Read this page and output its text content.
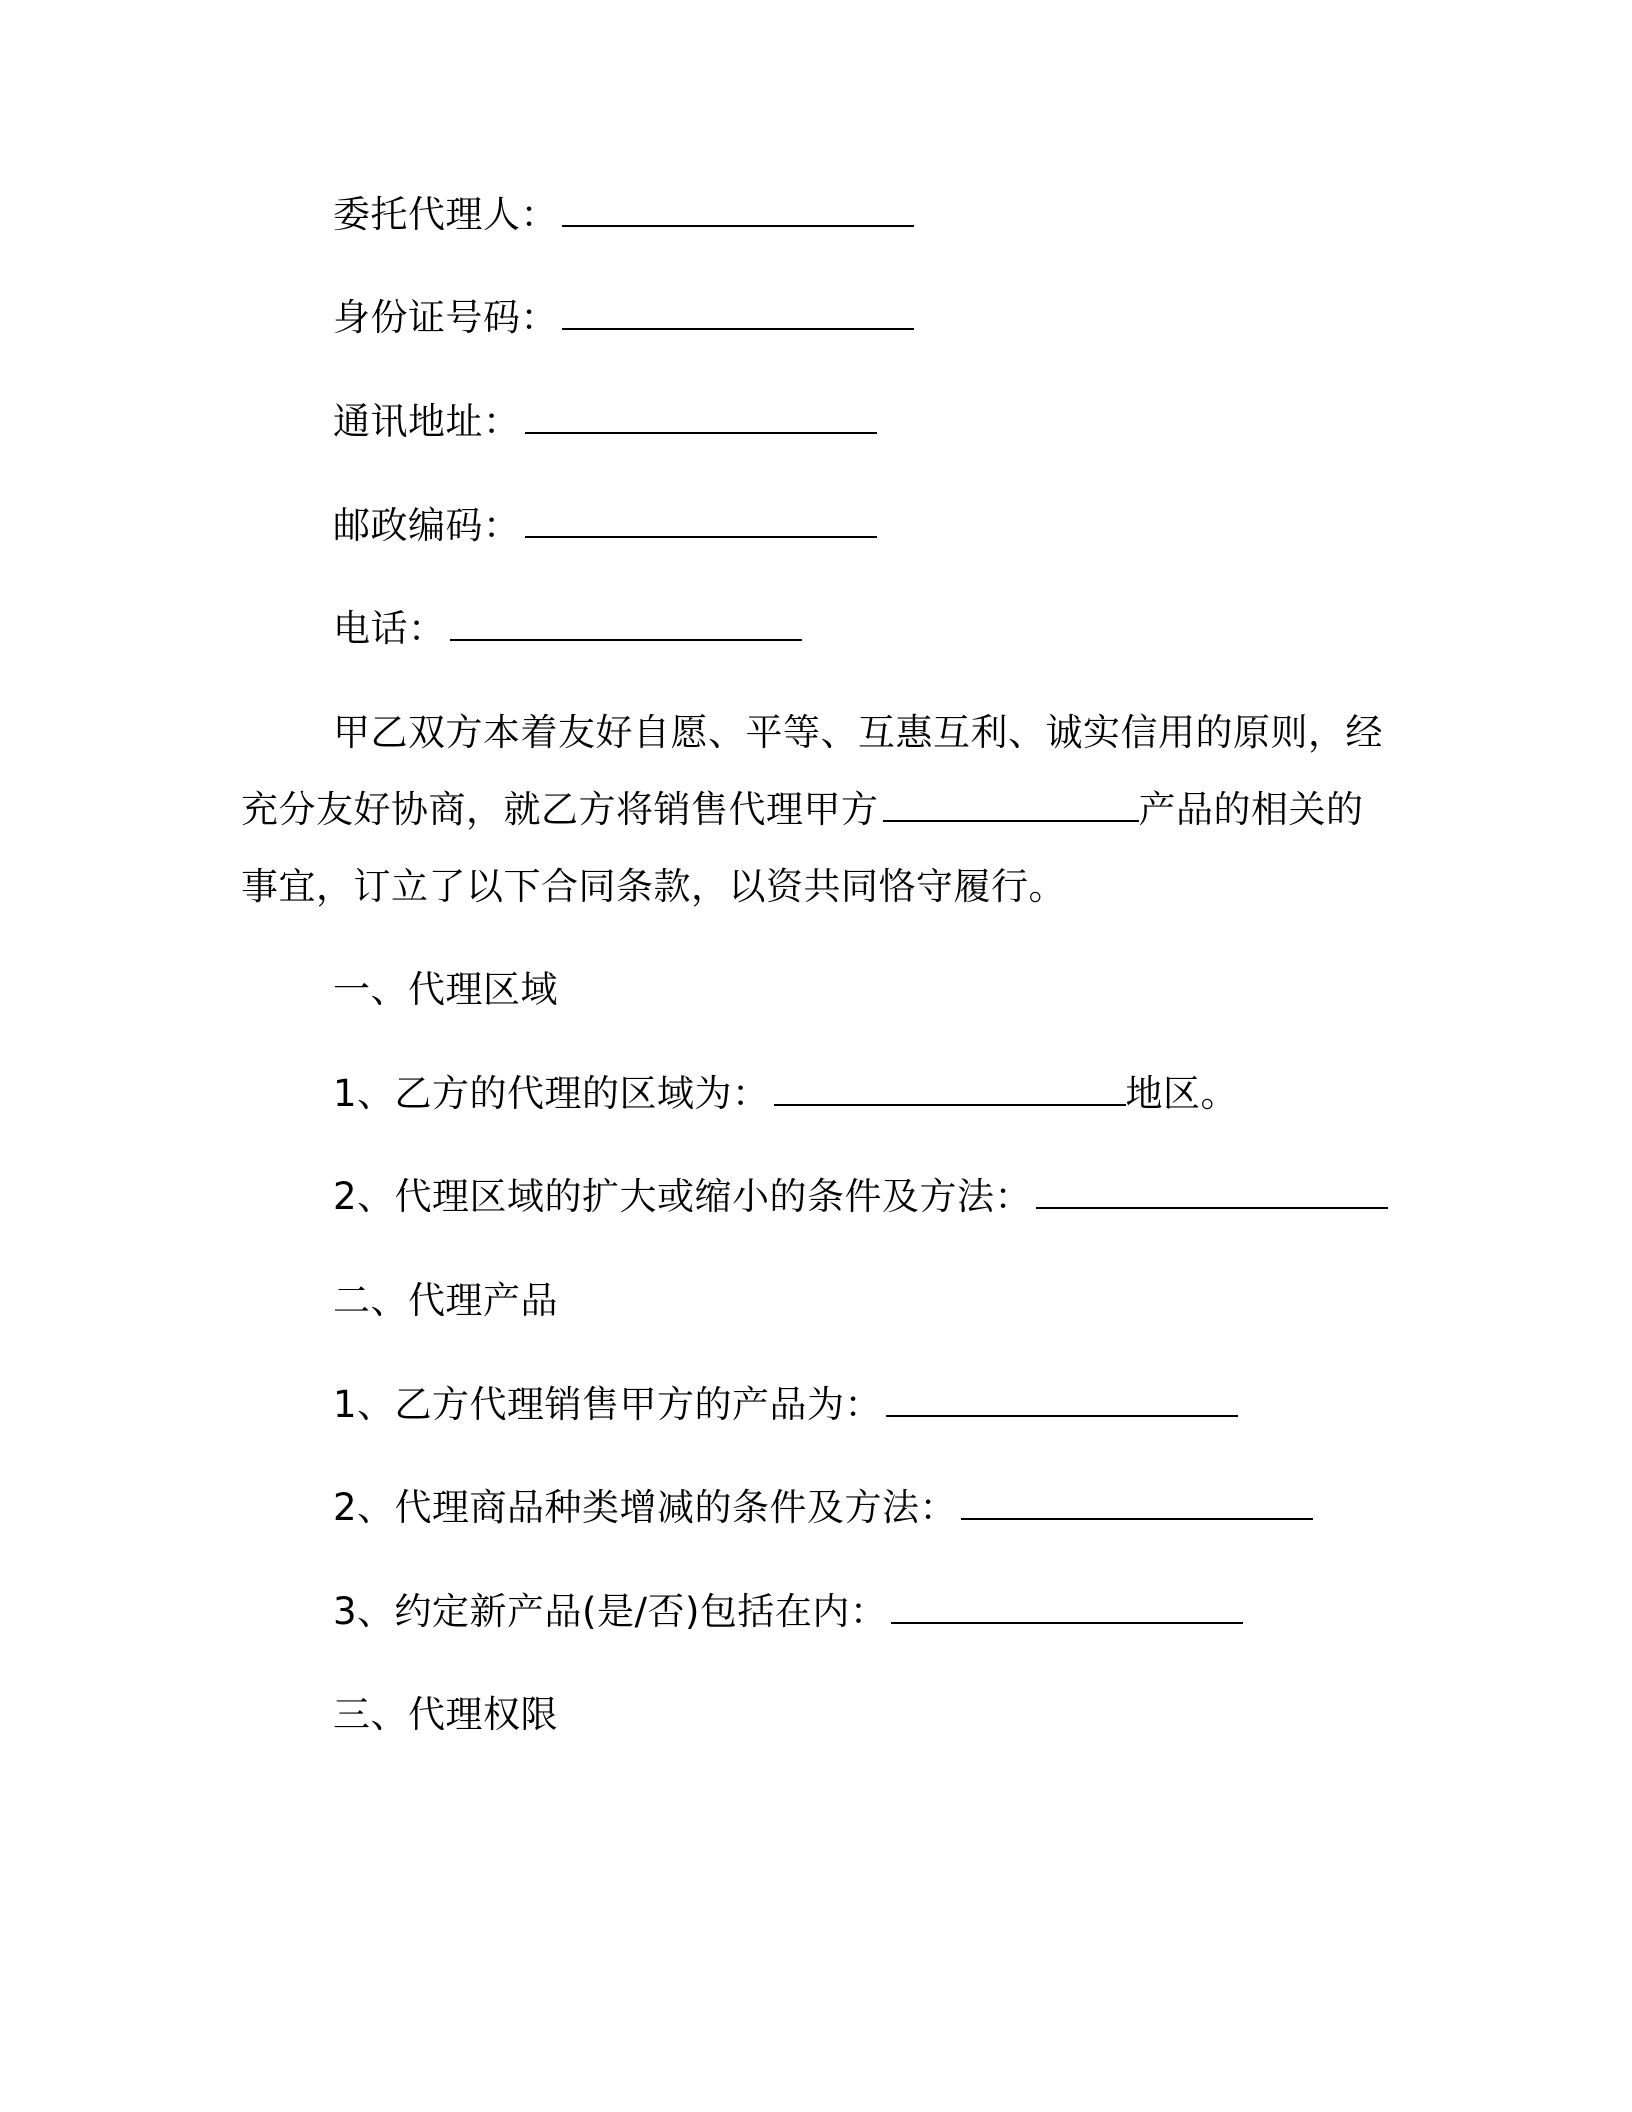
委托代理人：
身份证号码：
通讯地址：
邮政编码：
电话：
甲乙双方本着友好自愿、平等、互惠互利、诚实信用的原则，经
充分友好协商，就乙方将销售代理甲方	产品的相关的
事宜，订立了以下合同条款，以资共同恪守履行。
一、代理区域
1、乙方的代理的区域为：	地区。
2、代理区域的扩大或缩小的条件及方法：
二、代理产品
1、乙方代理销售甲方的产品为：
2、代理商品种类增减的条件及方法：
3、约定新产品(是/否)包括在内：
三、代理权限
